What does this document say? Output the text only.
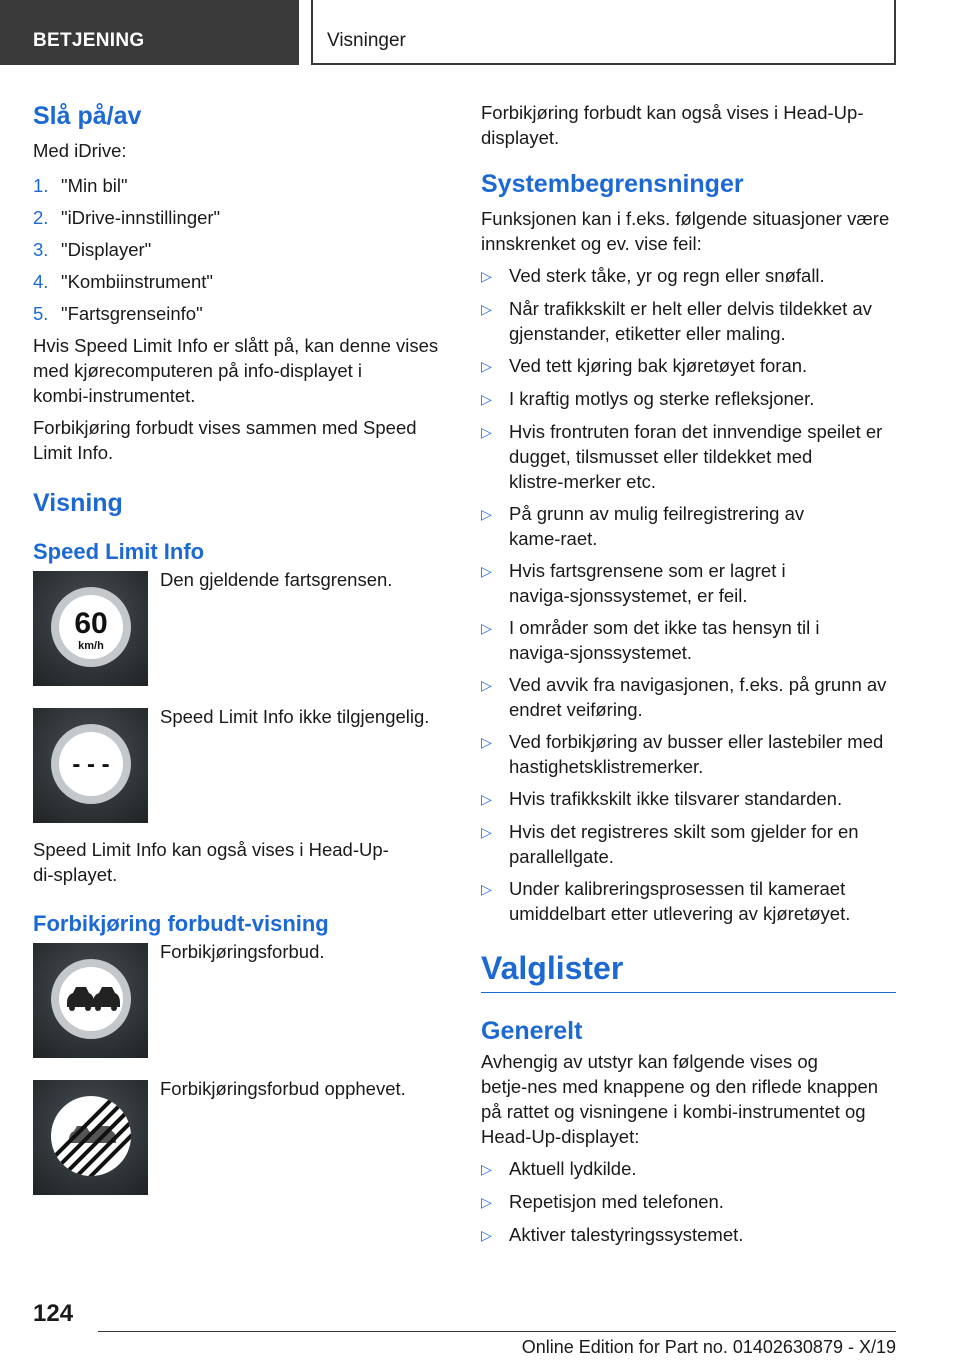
BETJENING	Visninger
Slå på/av

Med iDrive:

1. "Min bil"
2. "iDrive-innstillinger"
3. "Displayer"
4. "Kombiinstrument"
5. "Fartsgrenseinfo"

Hvis Speed Limit Info er slått på, kan denne vises med kjørecomputeren på info‑displayet i kombi‑instrumentet.

Forbikjøring forbudt vises sammen med Speed Limit Info.

Visning
Speed Limit Info
60
km/h
Den gjeldende fartsgrensen.
- - -
Speed Limit Info ikke tilgjengelig.

Speed Limit Info kan også vises i Head-Up-di‑splayet.

Forbikjøring forbudt‑visning
Forbikjøringsforbud.
Forbikjøringsforbud opphevet.

Forbikjøring forbudt kan også vises i Head-Up-displayet.

Systembegrensninger

Funksjonen kan i f.eks. følgende situasjoner være innskrenket og ev. vise feil:

▷ Ved sterk tåke, yr og regn eller snøfall.
▷ Når trafikkskilt er helt eller delvis tildekket av gjenstander, etiketter eller maling.
▷ Ved tett kjøring bak kjøretøyet foran.
▷ I kraftig motlys og sterke refleksjoner.
▷ Hvis frontruten foran det innvendige speilet er dugget, tilsmusset eller tildekket med klistre‑merker etc.
▷ På grunn av mulig feilregistrering av kame‑raet.
▷ Hvis fartsgrensene som er lagret i naviga‑sjonssystemet, er feil.
▷ I områder som det ikke tas hensyn til i naviga‑sjonssystemet.
▷ Ved avvik fra navigasjonen, f.eks. på grunn av endret veiføring.
▷ Ved forbikjøring av busser eller lastebiler med hastighetsklistremerker.
▷ Hvis trafikkskilt ikke tilsvarer standarden.
▷ Hvis det registreres skilt som gjelder for en parallellgate.
▷ Under kalibreringsprosessen til kameraet umiddelbart etter utlevering av kjøretøyet.
Valglister
Generelt

Avhengig av utstyr kan følgende vises og betje‑nes med knappene og den riflede knappen på rattet og visningene i kombi-instrumentet og Head-Up-displayet:

▷ Aktuell lydkilde.
▷ Repetisjon med telefonen.
▷ Aktiver talestyringssystemet.
124
Online Edition for Part no. 01402630879 - X/19
